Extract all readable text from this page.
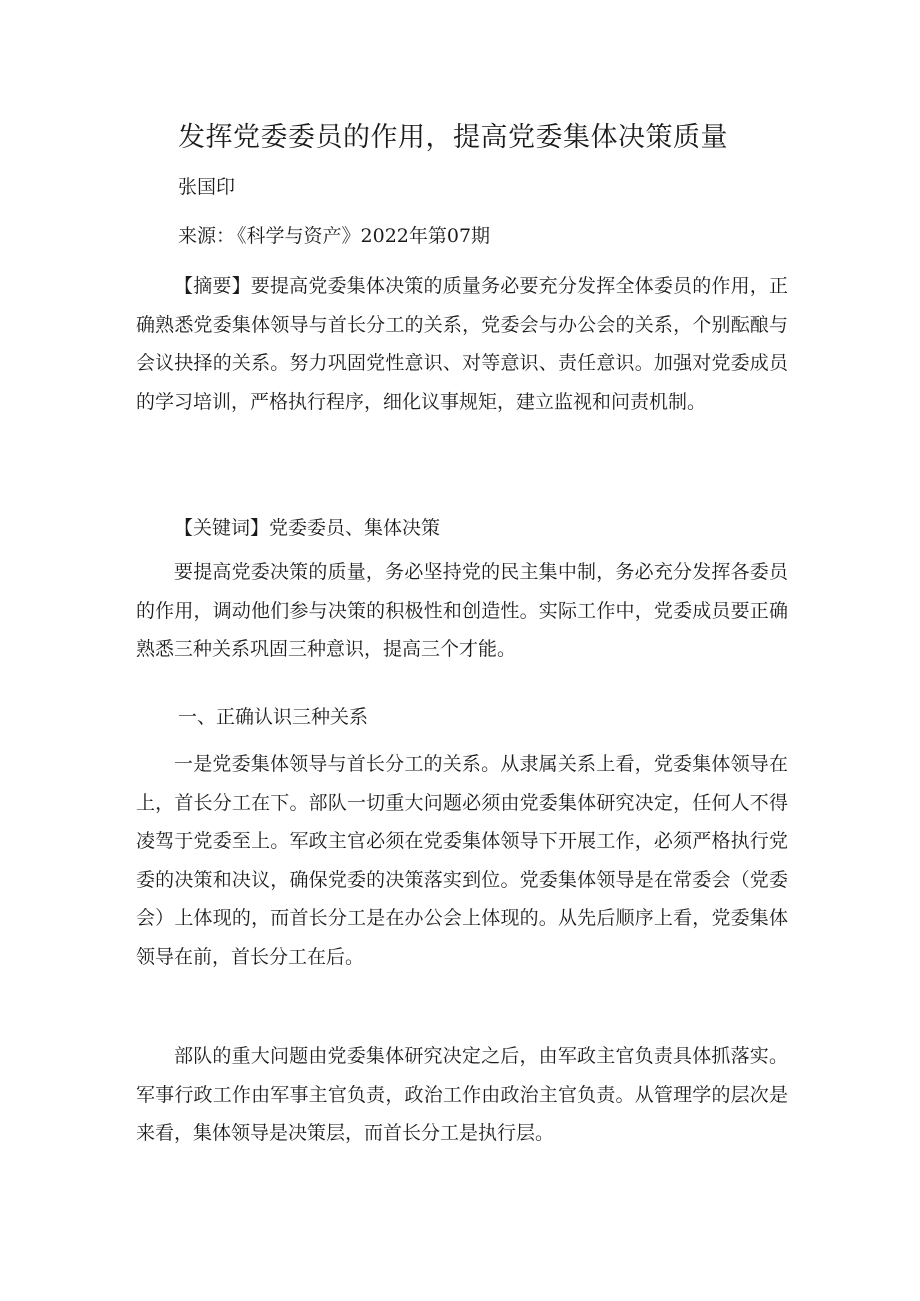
发挥党委委员的作用，提高党委集体决策质量
张国印
来源： 《科学与资产》2022年第07期

【摘要】要提高党委集体决策的质量务必要充分发挥全体委员的作用，正确熟悉党委集体领导与首长分工的关系，党委会与办公会的关系，个别酝酿与会议抉择的关系。努力巩固党性意识、对等意识、责任意识。加强对党委成员的学习培训，严格执行程序，细化议事规矩，建立监视和问责机制。

【关键词】党委委员、集体决策

要提高党委决策的质量，务必坚持党的民主集中制，务必充分发挥各委员的作用，调动他们参与决策的积极性和创造性。实际工作中，党委成员要正确熟悉三种关系巩固三种意识，提高三个才能。

一、正确认识三种关系

一是党委集体领导与首长分工的关系。从隶属关系上看，党委集体领导在上，首长分工在下。部队一切重大问题必须由党委集体研究决定，任何人不得凌驾于党委至上。军政主官必须在党委集体领导下开展工作，必须严格执行党委的决策和决议，确保党委的决策落实到位。党委集体领导是在常委会（党委会）上体现的，而首长分工是在办公会上体现的。从先后顺序上看，党委集体领导在前，首长分工在后。

部队的重大问题由党委集体研究决定之后，由军政主官负责具体抓落实。军事行政工作由军事主官负责，政治工作由政治主官负责。从管理学的层次是来看，集体领导是决策层，而首长分工是执行层。
